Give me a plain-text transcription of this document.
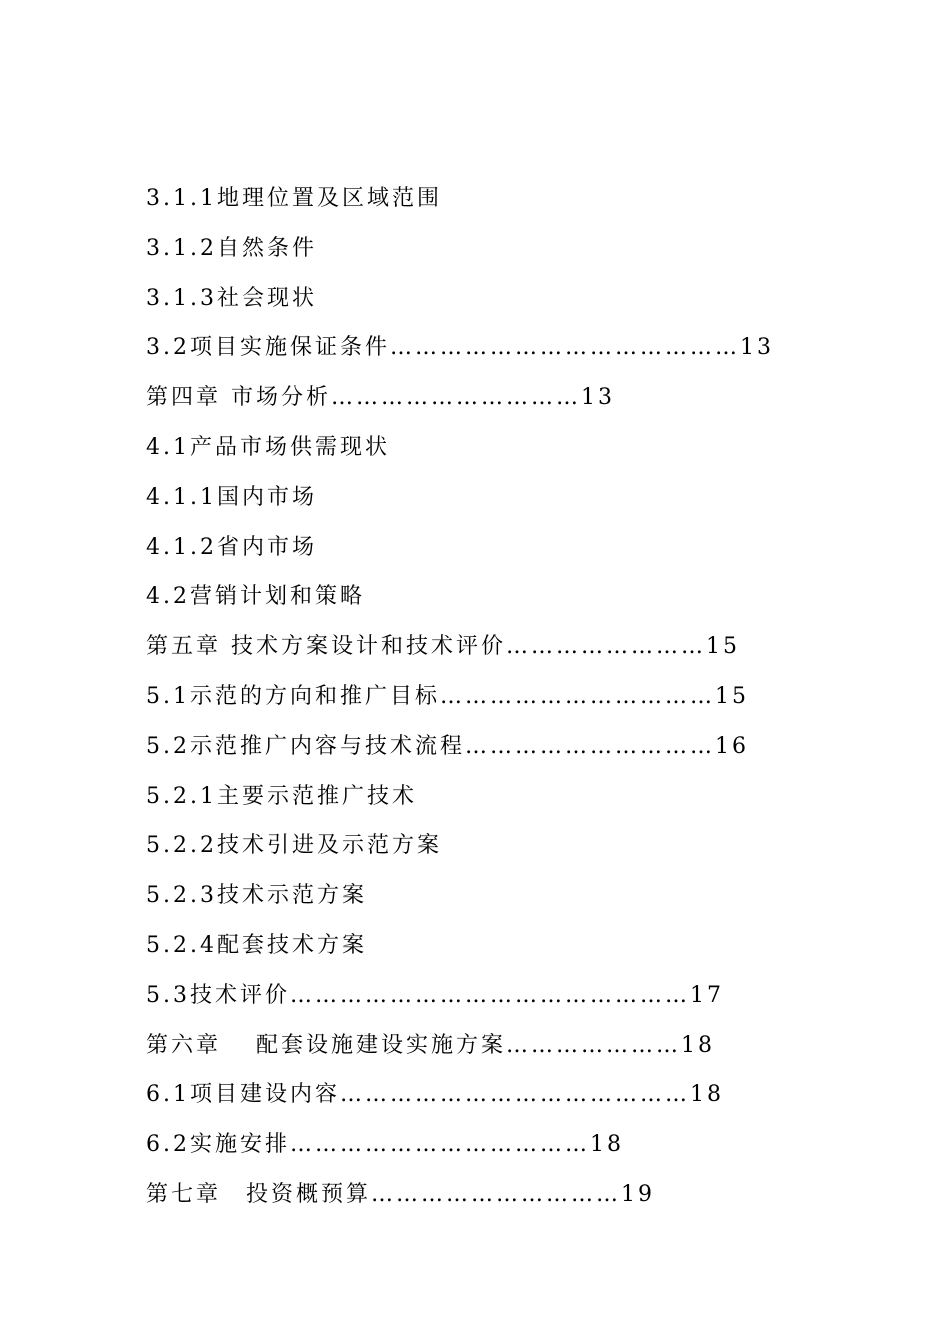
3.1.1地理位置及区域范围
3.1.2自然条件
3.1.3社会现状
3.2项目实施保证条件……………………………………13
第四章 市场分析…………………………13
4.1产品市场供需现状
4.1.1国内市场
4.1.2省内市场
4.2营销计划和策略
第五章 技术方案设计和技术评价……………………15
5.1示范的方向和推广目标……………………………15
5.2示范推广内容与技术流程…………………………16
5.2.1主要示范推广技术
5.2.2技术引进及示范方案
5.2.3技术示范方案
5.2.4配套技术方案
5.3技术评价…………………………………………17
第六章　 配套设施建设实施方案…………………18
6.1项目建设内容……………………………………18
6.2实施安排………………………………18
第七章　投资概预算…………………………19
